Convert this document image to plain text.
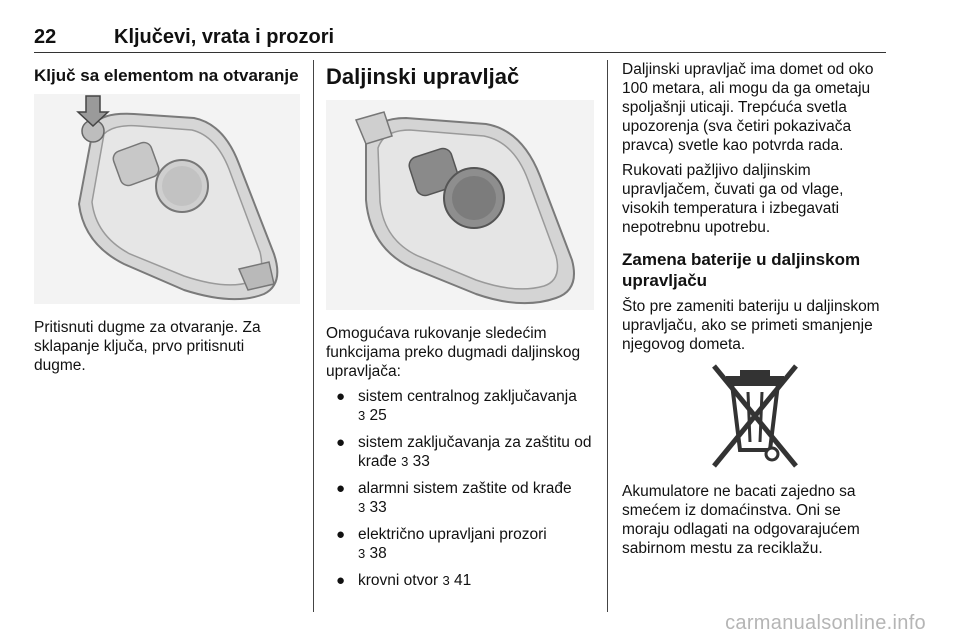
22	Ključevi, vrata i prozori
Ključ sa elementom na otvaranje

Pritisnuti dugme za otvaranje. Za sklapanje ključa, prvo pritisnuti dugme.

Daljinski upravljač

Omogućava rukovanje sledećim funkcijama preko dugmadi daljinskog upravljača:

● sistem centralnog zaključavanja
3 25
● sistem zaključavanja za zaštitu od krađe 3 33
● alarmni sistem zaštite od krađe
3 33
● električno upravljani prozori
3 38
● krovni otvor 3 41

Daljinski upravljač ima domet od oko 100 metara, ali mogu da ga ometaju spoljašnji uticaji. Trepćuća svetla upozorenja (sva četiri pokazivača pravca) svetle kao potvrda rada.

Rukovati pažljivo daljinskim upravljačem, čuvati ga od vlage, visokih temperatura i izbegavati nepotrebnu upotrebu.

Zamena baterije u daljinskom upravljaču

Što pre zameniti bateriju u daljinskom upravljaču, ako se primeti smanjenje njegovog dometa.

Akumulatore ne bacati zajedno sa smećem iz domaćinstva. Oni se moraju odlagati na odgovarajućem sabirnom mestu za reciklažu.

carmanualsonline.info
